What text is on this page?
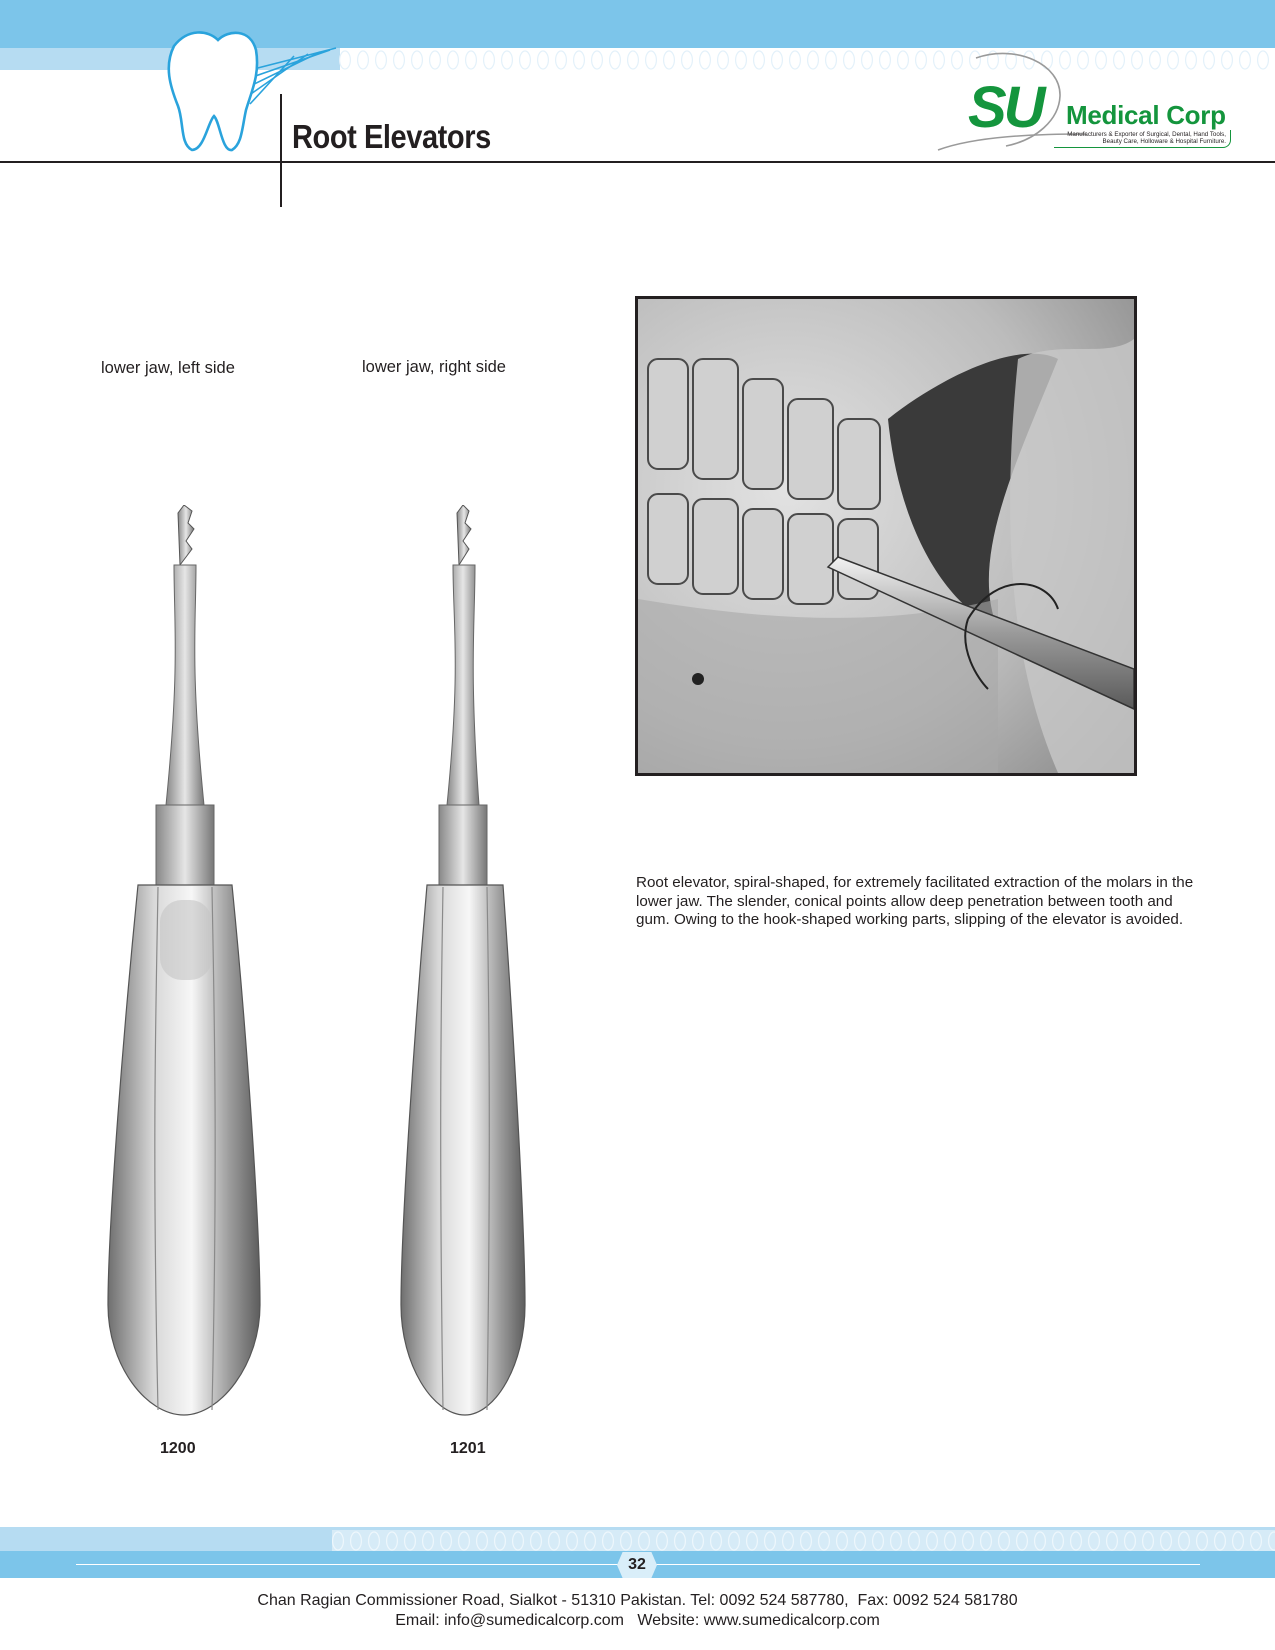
Root Elevators	SU Medical Corp
Manufacturers & Exporter of Surgical, Dental, Hand Tools,
Beauty Care, Holloware & Hospital Furniture.
lower jaw, left side	lower jaw, right side
1200	1201
Root elevator, spiral-shaped, for extremely facilitated extraction of the molars in the lower jaw. The slender, conical points allow deep penetration between tooth and gum. Owing to the hook-shaped working parts, slipping of the elevator is avoided.
32
Chan Ragian Commissioner Road, Sialkot - 51310 Pakistan. Tel: 0092 524 587780,  Fax: 0092 524 581780
Email: info@sumedicalcorp.com   Website: www.sumedicalcorp.com
